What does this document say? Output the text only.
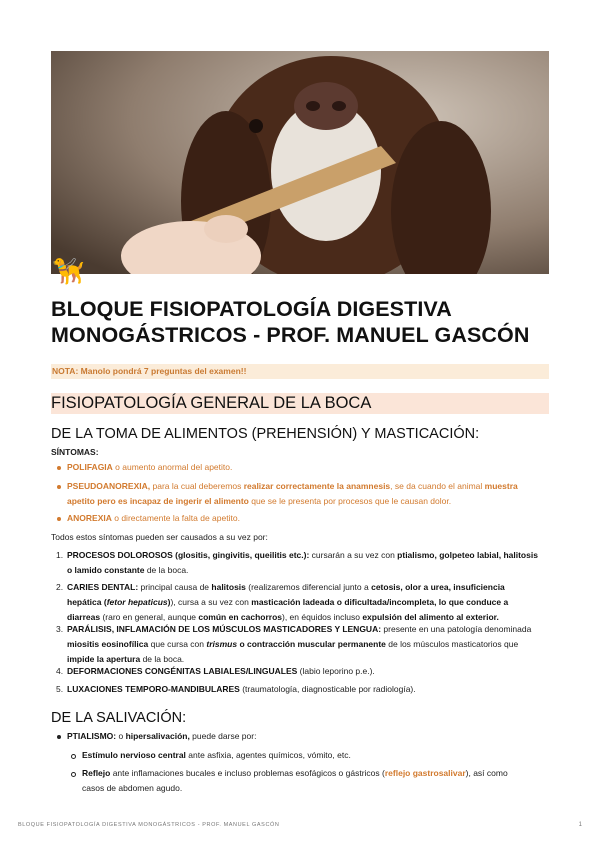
🦮
BLOQUE FISIOPATOLOGÍA DIGESTIVA MONOGÁSTRICOS - PROF. MANUEL GASCÓN
NOTA: Manolo pondrá 7 preguntas del examen!!
FISIOPATOLOGÍA GENERAL DE LA BOCA
DE LA TOMA DE ALIMENTOS (PREHENSIÓN) Y MASTICACIÓN:
SÍNTOMAS:
POLIFAGIA o aumento anormal del apetito.
PSEUDOANOREXIA, para la cual deberemos realizar correctamente la anamnesis, se da cuando el animal muestra
apetito pero es incapaz de ingerir el alimento que se le presenta por procesos que le causan dolor.
ANOREXIA o directamente la falta de apetito.
Todos estos síntomas pueden ser causados a su vez por:
1. PROCESOS DOLOROSOS (glositis, gingivitis, queilitis etc.): cursarán a su vez con ptialismo, golpeteo labial, halitosis
o lamido constante de la boca.
2. CARIES DENTAL: principal causa de halitosis (realizaremos diferencial junto a cetosis, olor a urea, insuficiencia
hepática (fetor hepaticus)), cursa a su vez con masticación ladeada o dificultada/incompleta, lo que conduce a
diarreas (raro en general, aunque común en cachorros), en équidos incluso expulsión del alimento al exterior.
3. PARÁLISIS, INFLAMACIÓN DE LOS MÚSCULOS MASTICADORES Y LENGUA: presente en una patología denominada
miositis eosinofílica que cursa con trismus o contracción muscular permanente de los músculos masticatorios que
impide la apertura de la boca.
4. DEFORMACIONES CONGÉNITAS LABIALES/LINGUALES (labio leporino p.e.).
5. LUXACIONES TEMPORO-MANDIBULARES (traumatología, diagnosticable por radiología).
DE LA SALIVACIÓN:
PTIALISMO: o hipersalivación, puede darse por:
Estímulo nervioso central ante asfixia, agentes químicos, vómito, etc.
Reflejo ante inflamaciones bucales e incluso problemas esofágicos o gástricos (reflejo gastrosalivar), así como
casos de abdomen agudo.
BLOQUE FISIOPATOLOGÍA DIGESTIVA MONOGÁSTRICOS - PROF. MANUEL GASCÓN	1
